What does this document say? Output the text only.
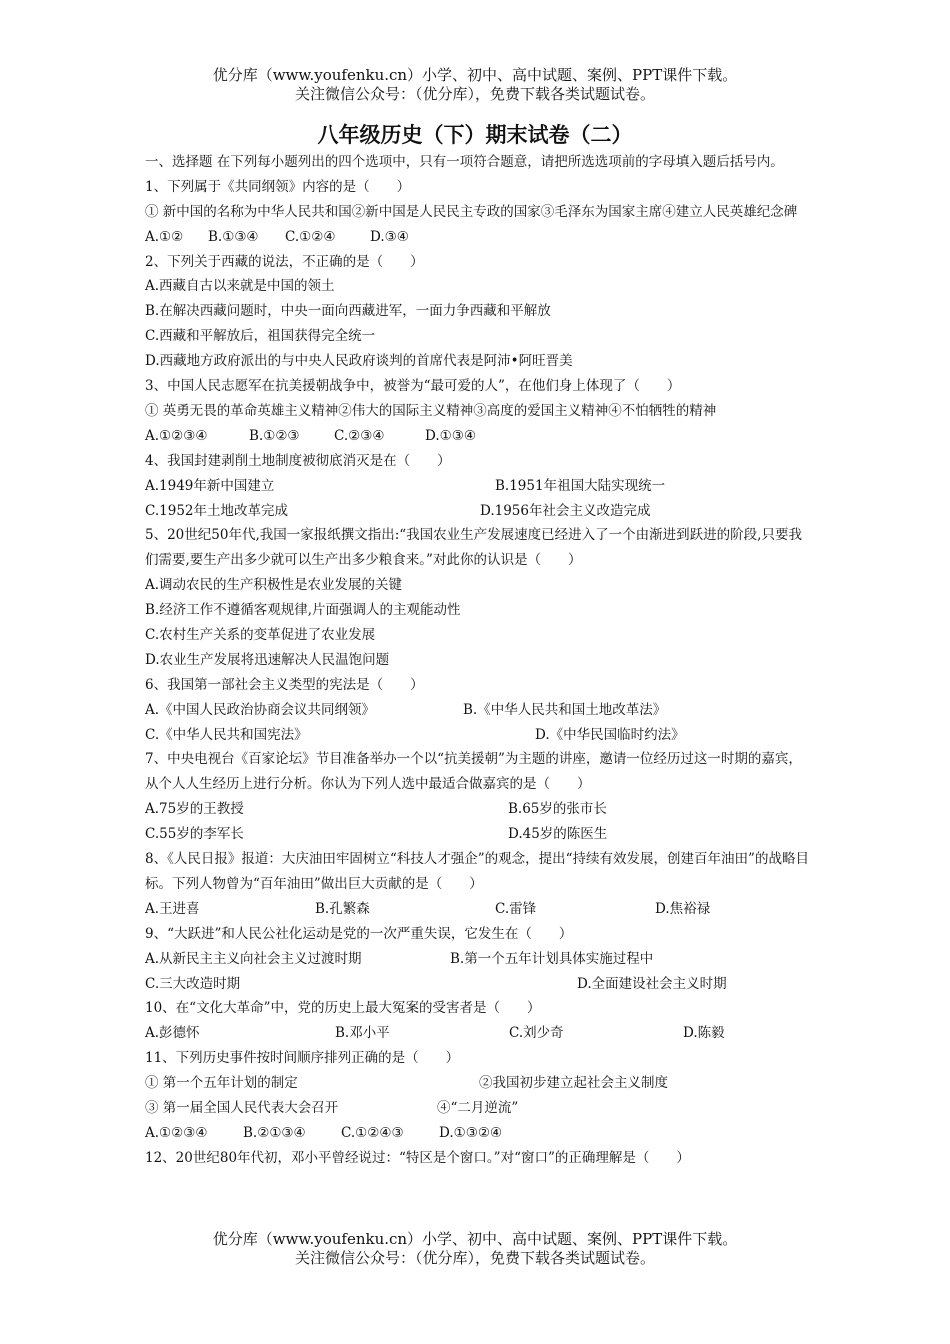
优分库（www.youfenku.cn）小学、初中、高中试题、案例、PPT课件下载。
关注微信公众号：（优分库），免费下载各类试题试卷。
八年级历史（下）期末试卷（二）
一、选择题 在下列每小题列出的四个选项中，只有一项符合题意，请把所选选项前的字母填入题后括号内。
1、下列属于《共同纲领》内容的是（　　）
① 新中国的名称为中华人民共和国②新中国是人民民主专政的国家③毛泽东为国家主席④建立人民英雄纪念碑
A.①②	B.①③④	C.①②④	D.③④
2、下列关于西藏的说法，不正确的是（　　）
A.西藏自古以来就是中国的领土
B.在解决西藏问题时，中央一面向西藏进军，一面力争西藏和平解放
C.西藏和平解放后，祖国获得完全统一
D.西藏地方政府派出的与中央人民政府谈判的首席代表是阿沛•阿旺晋美
3、中国人民志愿军在抗美援朝战争中，被誉为“最可爱的人”，在他们身上体现了（　　）
① 英勇无畏的革命英雄主义精神②伟大的国际主义精神③高度的爱国主义精神④不怕牺牲的精神
A.①②③④	B.①②③	C.②③④	D.①③④
4、我国封建剥削土地制度被彻底消灭是在（　　）
A.1949年新中国建立	B.1951年祖国大陆实现统一
C.1952年土地改革完成	D.1956年社会主义改造完成
5、20世纪50年代,我国一家报纸撰文指出:“我国农业生产发展速度已经进入了一个由渐进到跃进的阶段,只要我们需要,要生产出多少就可以生产出多少粮食来。”对此你的认识是（　　）
A.调动农民的生产积极性是农业发展的关键
B.经济工作不遵循客观规律,片面强调人的主观能动性
C.农村生产关系的变革促进了农业发展
D.农业生产发展将迅速解决人民温饱问题
6、我国第一部社会主义类型的宪法是（　　）
A.《中国人民政治协商会议共同纲领》	B.《中华人民共和国土地改革法》
C.《中华人民共和国宪法》	D.《中华民国临时约法》
7、中央电视台《百家论坛》节目准备举办一个以“抗美援朝”为主题的讲座，邀请一位经历过这一时期的嘉宾，从个人人生经历上进行分析。你认为下列人选中最适合做嘉宾的是（　　）
A.75岁的王教授	B.65岁的张市长
C.55岁的李军长	D.45岁的陈医生
8、《人民日报》报道：大庆油田牢固树立“科技人才强企”的观念，提出“持续有效发展，创建百年油田”的战略目标。下列人物曾为“百年油田”做出巨大贡献的是（　　）
A.王进喜	B.孔繁森	C.雷锋	D.焦裕禄
9、“大跃进”和人民公社化运动是党的一次严重失误，它发生在（　　）
A.从新民主主义向社会主义过渡时期	B.第一个五年计划具体实施过程中
C.三大改造时期	D.全面建设社会主义时期
10、在“文化大革命”中，党的历史上最大冤案的受害者是（　　）
A.彭德怀	B.邓小平	C.刘少奇	D.陈毅
11、下列历史事件按时间顺序排列正确的是（　　）
① 第一个五年计划的制定	②我国初步建立起社会主义制度
③ 第一届全国人民代表大会召开	④“二月逆流”
A.①②③④	B.②①③④	C.①②④③	D.①③②④
12、20世纪80年代初，邓小平曾经说过：“特区是个窗口。”对“窗口”的正确理解是（　　）
优分库（www.youfenku.cn）小学、初中、高中试题、案例、PPT课件下载。
关注微信公众号：（优分库），免费下载各类试题试卷。
